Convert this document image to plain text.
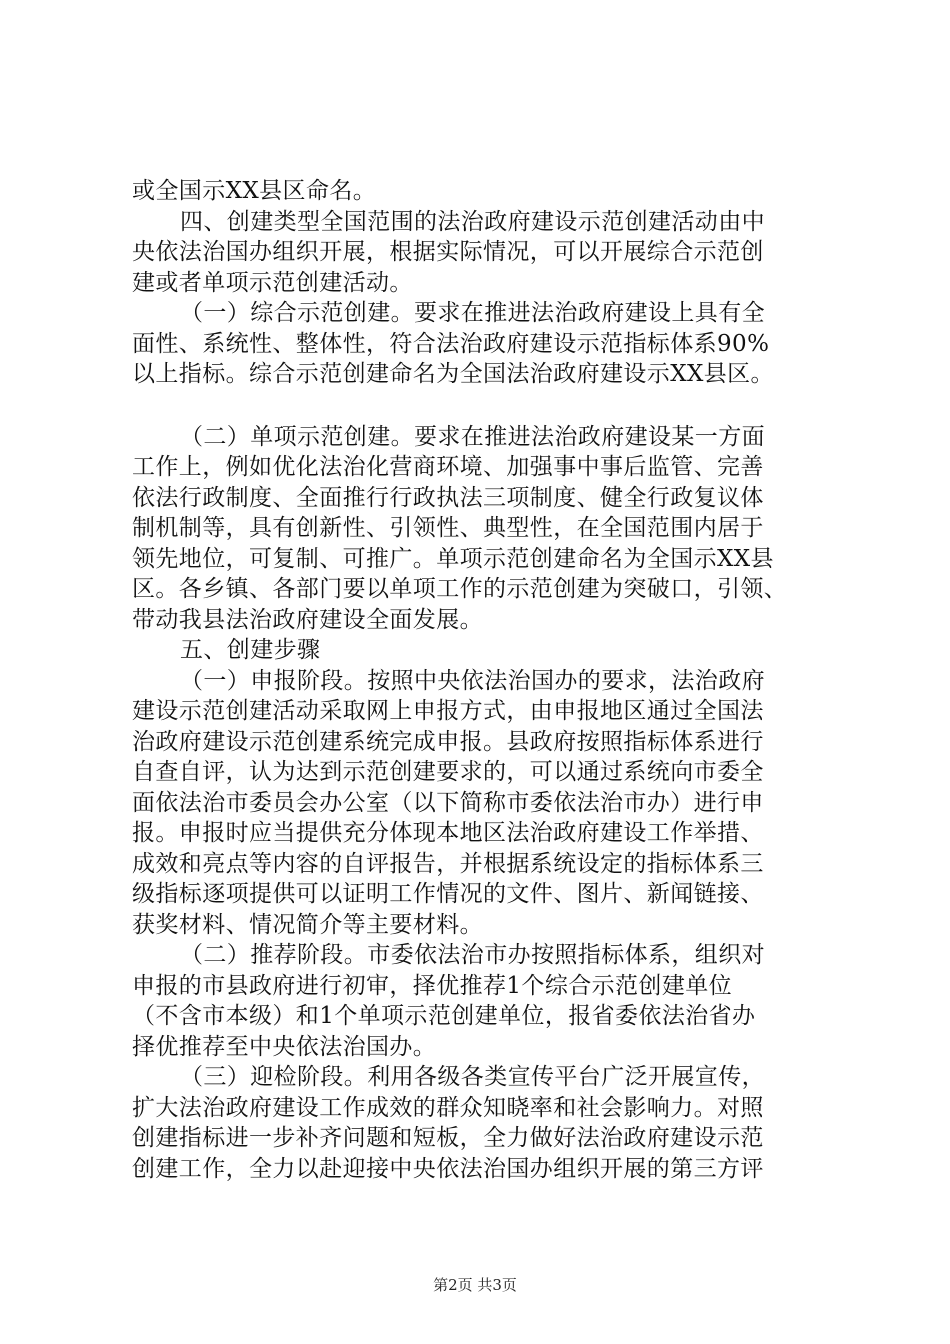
或全国示XX县区命名。
四、创建类型全国范围的法治政府建设示范创建活动由中
央依法治国办组织开展，根据实际情况，可以开展综合示范创
建或者单项示范创建活动。
（一）综合示范创建。要求在推进法治政府建设上具有全
面性、系统性、整体性，符合法治政府建设示范指标体系90%
以上指标。综合示范创建命名为全国法治政府建设示XX县区。
（二）单项示范创建。要求在推进法治政府建设某一方面
工作上，例如优化法治化营商环境、加强事中事后监管、完善
依法行政制度、全面推行行政执法三项制度、健全行政复议体
制机制等，具有创新性、引领性、典型性，在全国范围内居于
领先地位，可复制、可推广。单项示范创建命名为全国示XX县
区。各乡镇、各部门要以单项工作的示范创建为突破口，引领、
带动我县法治政府建设全面发展。
五、创建步骤
（一）申报阶段。按照中央依法治国办的要求，法治政府
建设示范创建活动采取网上申报方式，由申报地区通过全国法
治政府建设示范创建系统完成申报。县政府按照指标体系进行
自查自评，认为达到示范创建要求的，可以通过系统向市委全
面依法治市委员会办公室（以下简称市委依法治市办）进行申
报。申报时应当提供充分体现本地区法治政府建设工作举措、
成效和亮点等内容的自评报告，并根据系统设定的指标体系三
级指标逐项提供可以证明工作情况的文件、图片、新闻链接、
获奖材料、情况简介等主要材料。
（二）推荐阶段。市委依法治市办按照指标体系，组织对
申报的市县政府进行初审，择优推荐1个综合示范创建单位
（不含市本级）和1个单项示范创建单位，报省委依法治省办
择优推荐至中央依法治国办。
（三）迎检阶段。利用各级各类宣传平台广泛开展宣传，
扩大法治政府建设工作成效的群众知晓率和社会影响力。对照
创建指标进一步补齐问题和短板，全力做好法治政府建设示范
创建工作，全力以赴迎接中央依法治国办组织开展的第三方评
第2页 共3页
